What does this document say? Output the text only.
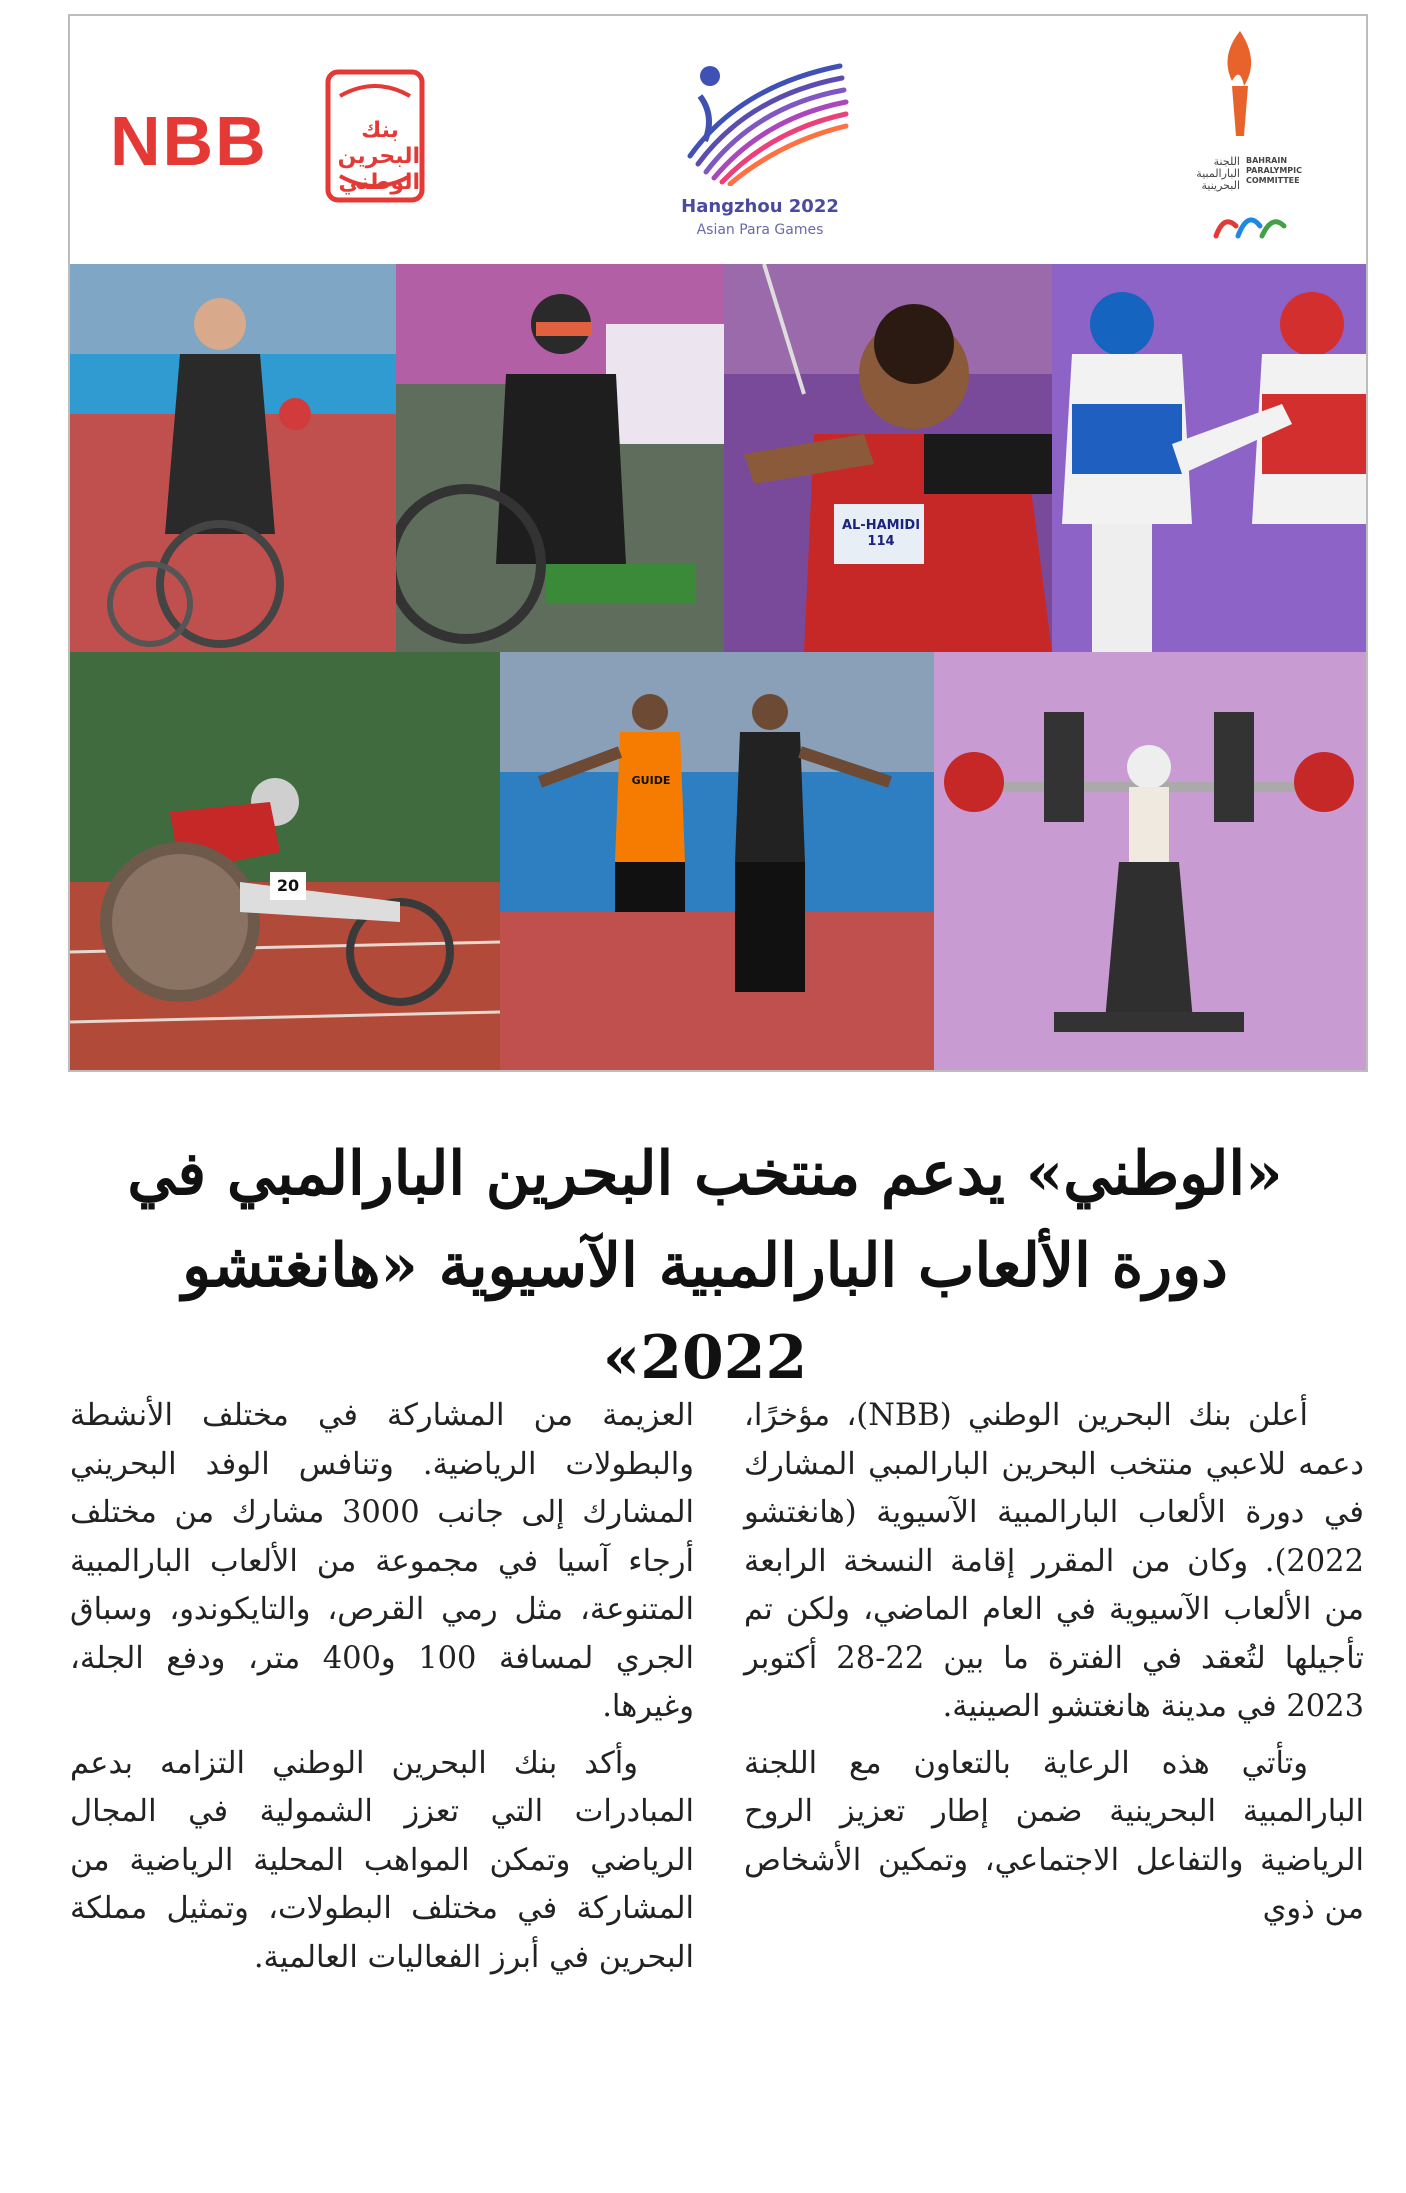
NBB	بنك البحرين الوطني
Hangzhou 2022
Asian Para Games
اللجنة البارالمبية البحرينية
BAHRAIN PARALYMPIC COMMITTEE
AL-HAMIDI 114
20
GUIDE
«الوطني» يدعم منتخب البحرين البارالمبي في
دورة الألعاب البارالمبية الآسيوية «هانغتشو 2022»

أعلن بنك البحرين الوطني (NBB)، مؤخرًا، دعمه للاعبي منتخب البحرين البارالمبي المشارك في دورة الألعاب البارالمبية الآسيوية (هانغتشو 2022). وكان من المقرر إقامة النسخة الرابعة من الألعاب الآسيوية في العام الماضي، ولكن تم تأجيلها لتُعقد في الفترة ما بين 22-28 أكتوبر 2023 في مدينة هانغتشو الصينية.

وتأتي هذه الرعاية بالتعاون مع اللجنة البارالمبية البحرينية ضمن إطار تعزيز الروح الرياضية والتفاعل الاجتماعي، وتمكين الأشخاص من ذوي

العزيمة من المشاركة في مختلف الأنشطة والبطولات الرياضية. وتنافس الوفد البحريني المشارك إلى جانب 3000 مشارك من مختلف أرجاء آسيا في مجموعة من الألعاب البارالمبية المتنوعة، مثل رمي القرص، والتايكوندو، وسباق الجري لمسافة 100 و400 متر، ودفع الجلة، وغيرها.

وأكد بنك البحرين الوطني التزامه بدعم المبادرات التي تعزز الشمولية في المجال الرياضي وتمكن المواهب المحلية الرياضية من المشاركة في مختلف البطولات، وتمثيل مملكة البحرين في أبرز الفعاليات العالمية.
